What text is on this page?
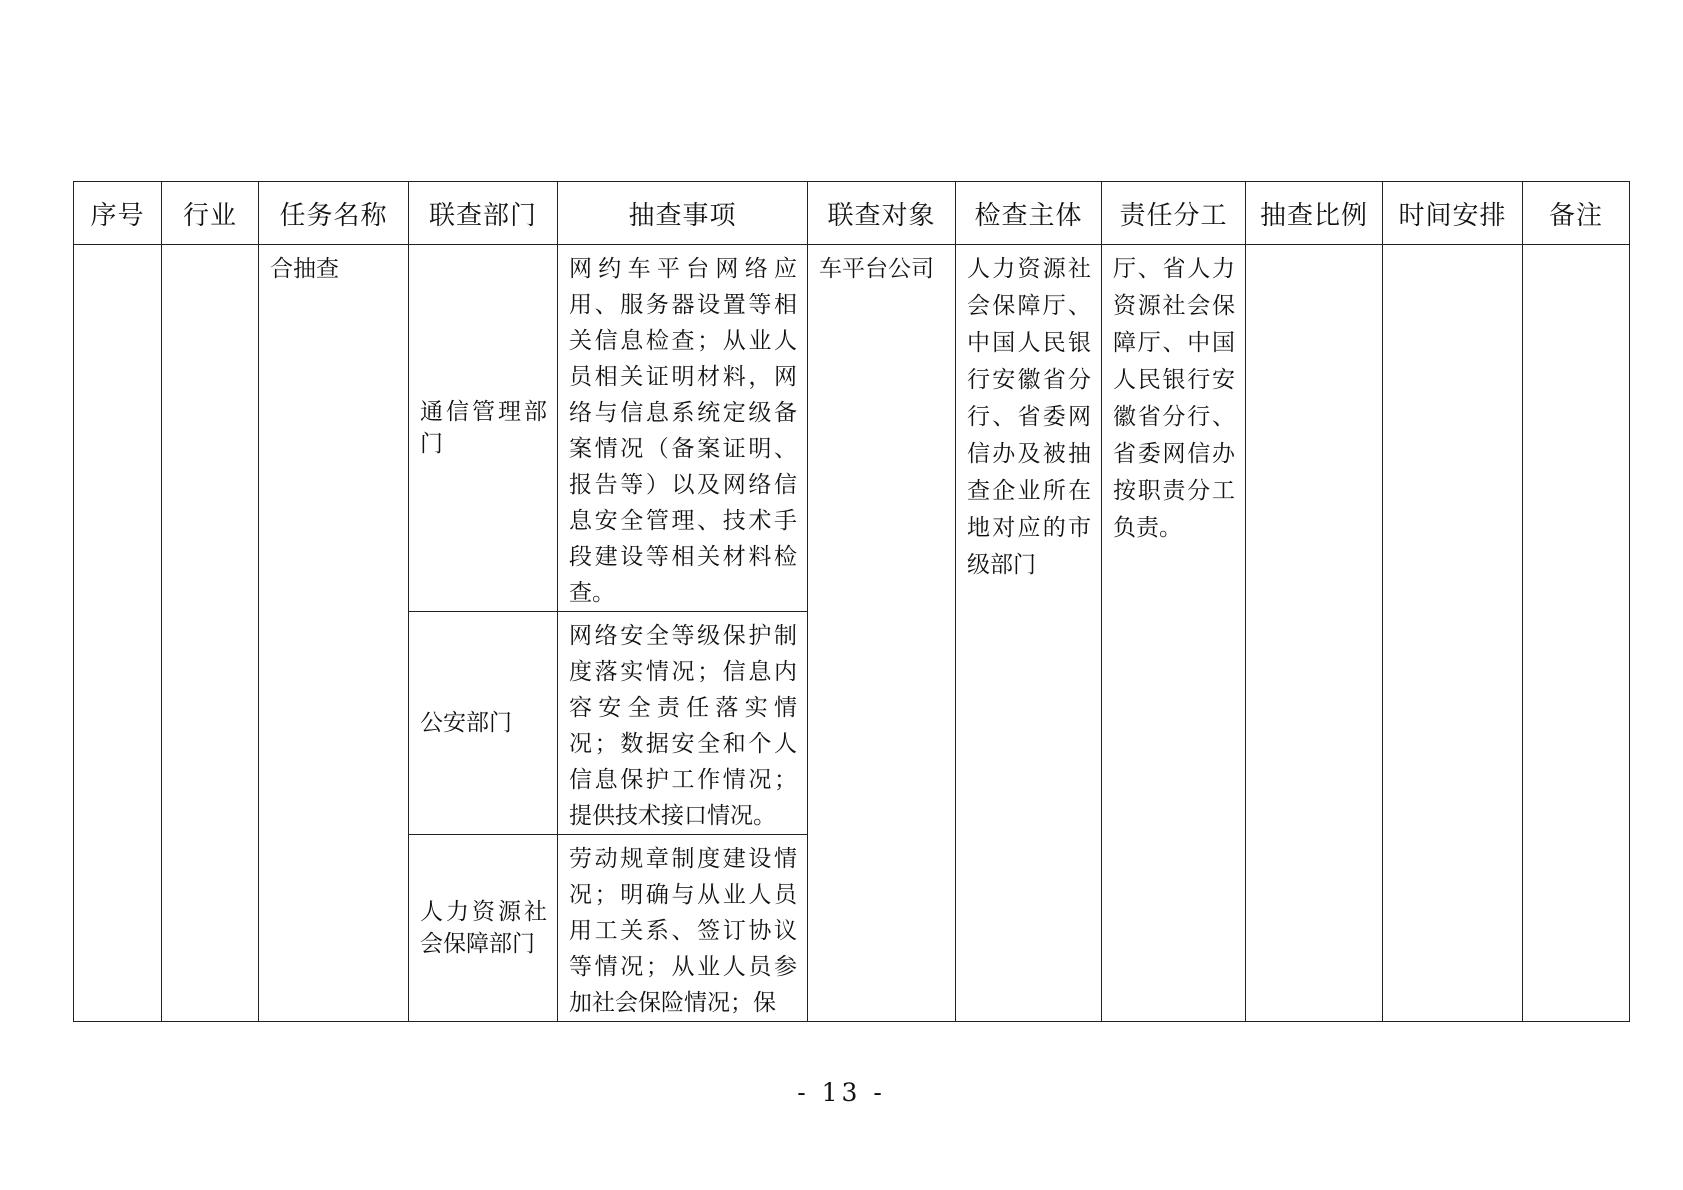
序号	行业	任务名称	联查部门	抽查事项	联查对象	检查主体	责任分工	抽查比例	时间安排	备注

		合抽查	通信管理部门	网约车平台网络应用、服务器设置等相关信息检查；从业人员相关证明材料，网络与信息系统定级备案情况（备案证明、报告等）以及网络信息安全管理、技术手段建设等相关材料检查。	车平台公司	人力资源社会保障厅、中国人民银行安徽省分行、省委网信办及被抽查企业所在地对应的市级部门	厅、省人力资源社会保障厅、中国人民银行安徽省分行、省委网信办按职责分工负责。			

			公安部门	网络安全等级保护制度落实情况；信息内容安全责任落实情况；数据安全和个人信息保护工作情况；提供技术接口情况。						

			人力资源社会保障部门	劳动规章制度建设情况；明确与从业人员用工关系、签订协议等情况；从业人员参加社会保险情况；保						
- 13 -
